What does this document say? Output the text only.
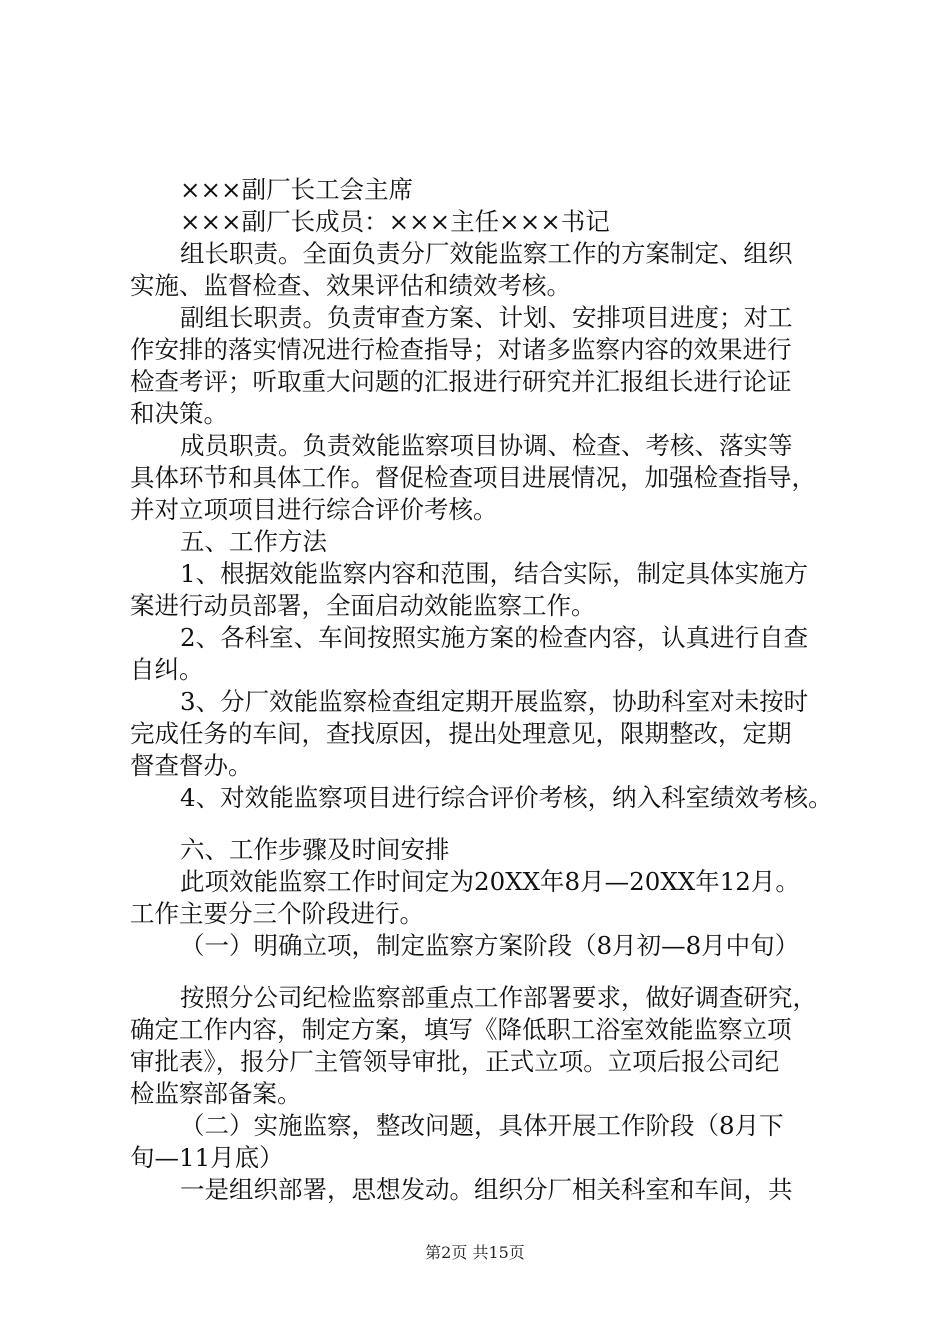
×××副厂长工会主席
×××副厂长成员：×××主任×××书记
组长职责。全面负责分厂效能监察工作的方案制定、组织
实施、监督检查、效果评估和绩效考核。
副组长职责。负责审查方案、计划、安排项目进度；对工
作安排的落实情况进行检查指导；对诸多监察内容的效果进行
检查考评；听取重大问题的汇报进行研究并汇报组长进行论证
和决策。
成员职责。负责效能监察项目协调、检查、考核、落实等
具体环节和具体工作。督促检查项目进展情况，加强检查指导，
并对立项项目进行综合评价考核。
五、工作方法
1、根据效能监察内容和范围，结合实际，制定具体实施方
案进行动员部署，全面启动效能监察工作。
2、各科室、车间按照实施方案的检查内容，认真进行自查
自纠。
3、分厂效能监察检查组定期开展监察，协助科室对未按时
完成任务的车间，查找原因，提出处理意见，限期整改，定期
督查督办。
4、对效能监察项目进行综合评价考核，纳入科室绩效考核。
六、工作步骤及时间安排
此项效能监察工作时间定为20XX年8月—20XX年12月。
工作主要分三个阶段进行。
（一）明确立项，制定监察方案阶段（8月初—8月中旬）
按照分公司纪检监察部重点工作部署要求，做好调查研究，
确定工作内容，制定方案，填写《降低职工浴室效能监察立项
审批表》，报分厂主管领导审批，正式立项。立项后报公司纪
检监察部备案。
（二）实施监察，整改问题，具体开展工作阶段（8月下
旬—11月底）
一是组织部署，思想发动。组织分厂相关科室和车间，共
第2页 共15页
